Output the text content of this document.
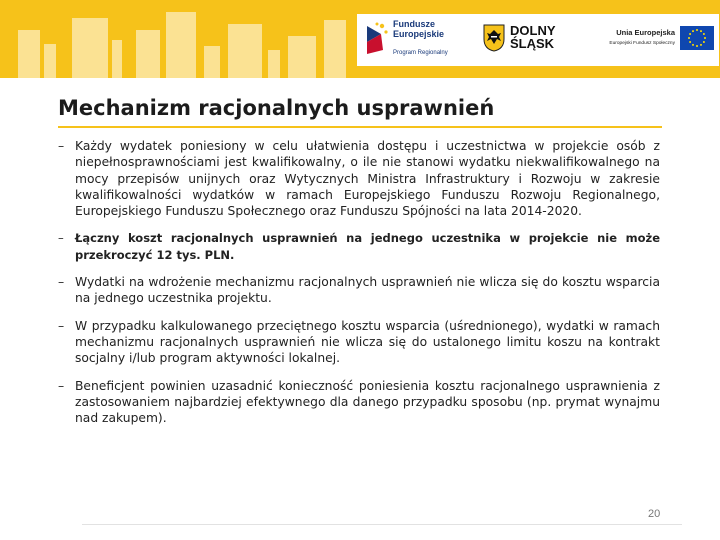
Fundusze
Europejskie
Program Regionalny
DOLNY
ŚLĄSK
Unia Europejska
Europejski Fundusz Społeczny
Mechanizm racjonalnych usprawnień
– Każdy wydatek poniesiony w celu ułatwienia dostępu i uczestnictwa w projekcie osób z niepełnosprawnościami jest kwalifikowalny, o ile nie stanowi wydatku niekwalifikowalnego na mocy przepisów unijnych oraz Wytycznych Ministra Infrastruktury i Rozwoju w zakresie kwalifikowalności wydatków w ramach Europejskiego Funduszu Rozwoju Regionalnego, Europejskiego Funduszu Społecznego oraz Funduszu Spójności na lata 2014-2020.
– Łączny koszt racjonalnych usprawnień na jednego uczestnika w projekcie nie może przekroczyć 12 tys. PLN.
– Wydatki na wdrożenie mechanizmu racjonalnych usprawnień nie wlicza się do kosztu wsparcia na jednego uczestnika projektu.
– W przypadku kalkulowanego przeciętnego kosztu wsparcia (uśrednionego), wydatki w ramach mechanizmu racjonalnych usprawnień nie wlicza się do ustalonego limitu koszu na kontrakt socjalny i/lub program aktywności lokalnej.
– Beneficjent powinien uzasadnić konieczność poniesienia kosztu racjonalnego usprawnienia z zastosowaniem najbardziej efektywnego dla danego przypadku sposobu (np. prymat wynajmu nad zakupem).
20
